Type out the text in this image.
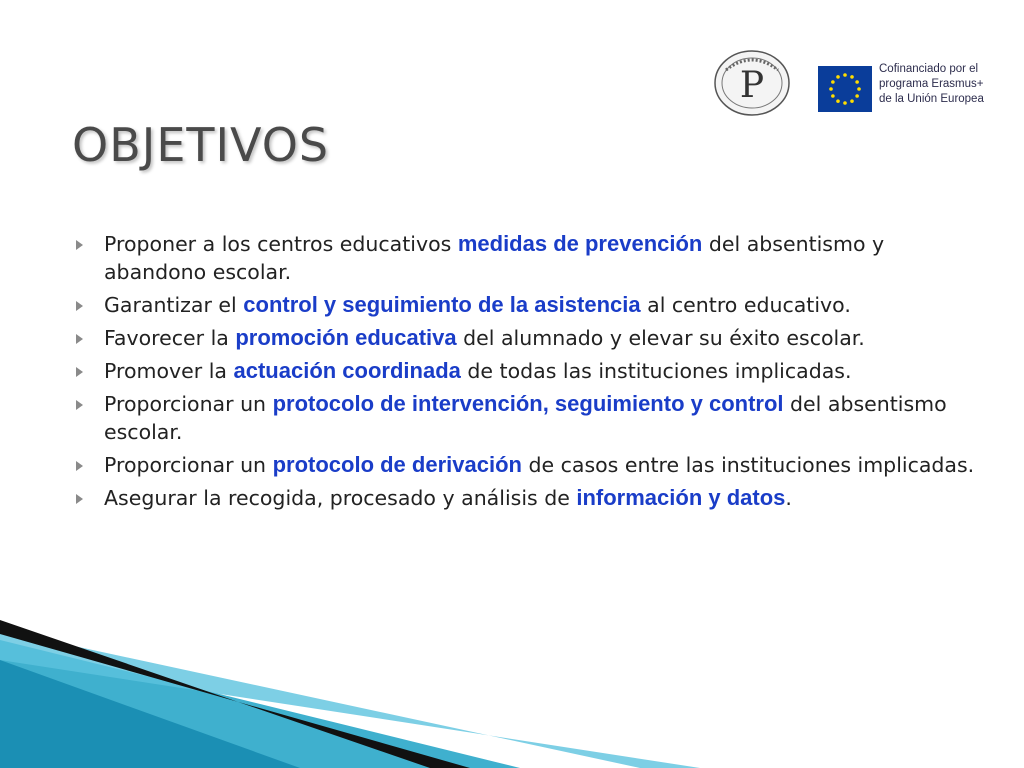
P	Cofinanciado por el
programa Erasmus+
de la Unión Europea
OBJETIVOS
Proponer a los centros educativos medidas de prevención del absentismo y abandono escolar.
Garantizar el control y seguimiento de la asistencia al centro educativo.
Favorecer la promoción educativa del alumnado y elevar su éxito escolar.
Promover la actuación coordinada de todas las instituciones implicadas.
Proporcionar un protocolo de intervención, seguimiento y control del absentismo escolar.
Proporcionar un protocolo de derivación de casos entre las instituciones implicadas.
Asegurar la recogida, procesado y análisis de información y datos.
